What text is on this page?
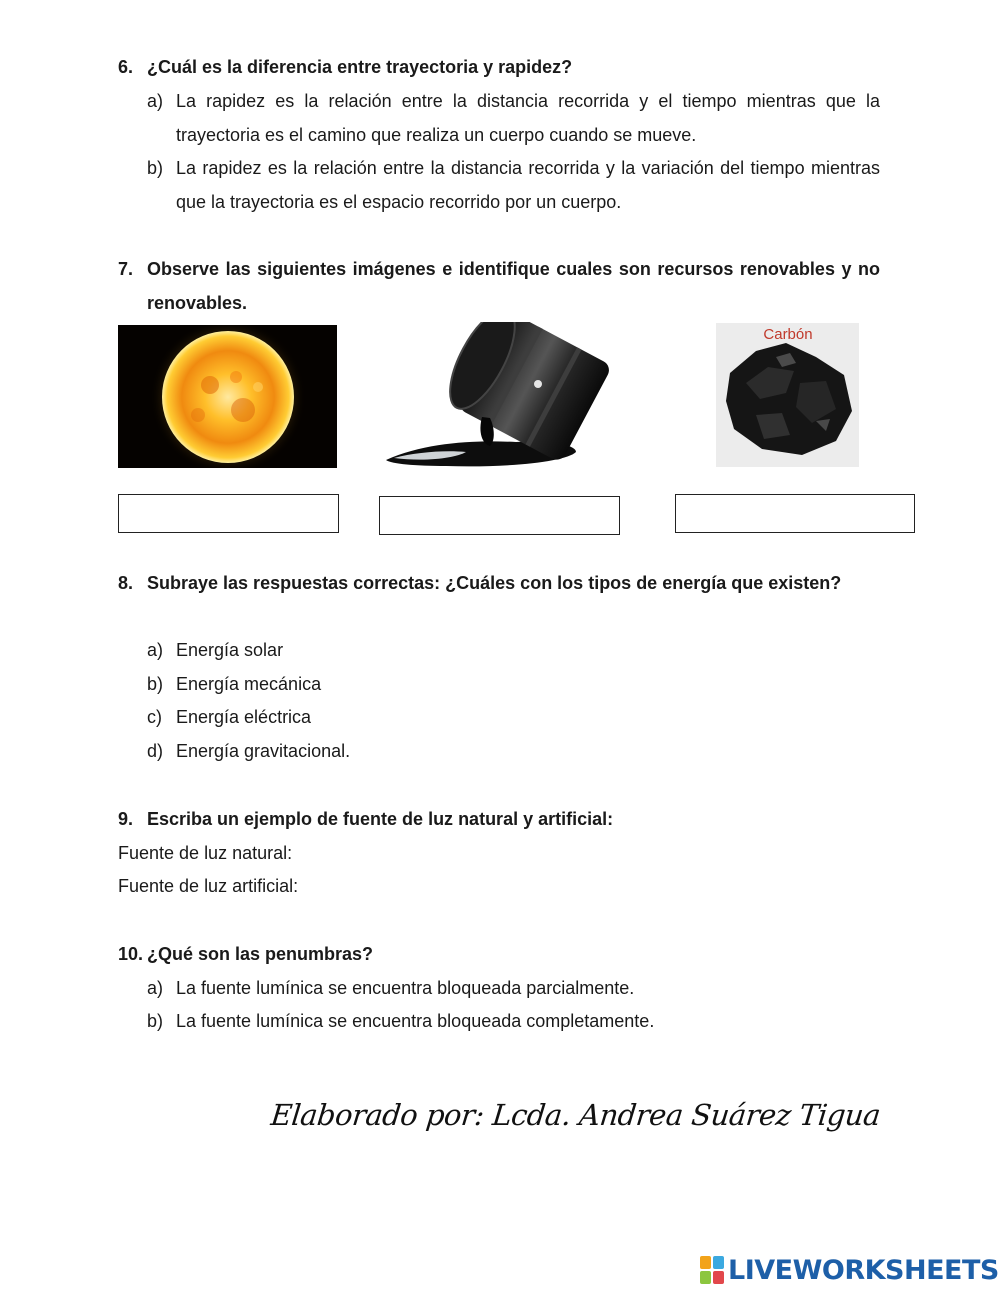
6. ¿Cuál es la diferencia entre trayectoria y rapidez?
a) La rapidez es la relación entre la distancia recorrida y el tiempo mientras que la trayectoria es el camino que realiza un cuerpo cuando se mueve.
b) La rapidez es la relación entre la distancia recorrida y la variación del tiempo mientras que la trayectoria es el espacio recorrido por un cuerpo.
7. Observe las siguientes imágenes e identifique cuales son recursos renovables y no renovables.
Carbón
8. Subraye las respuestas correctas: ¿Cuáles con los tipos de energía que existen?
a) Energía solar
b) Energía mecánica
c) Energía eléctrica
d) Energía gravitacional.
9. Escriba un ejemplo de fuente de luz natural y artificial:
Fuente de luz natural:
Fuente de luz artificial:
10. ¿Qué son las penumbras?
a) La fuente lumínica se encuentra bloqueada parcialmente.
b) La fuente lumínica se encuentra bloqueada completamente.
Elaborado por: Lcda. Andrea Suárez Tigua
LIVEWORKSHEETS
